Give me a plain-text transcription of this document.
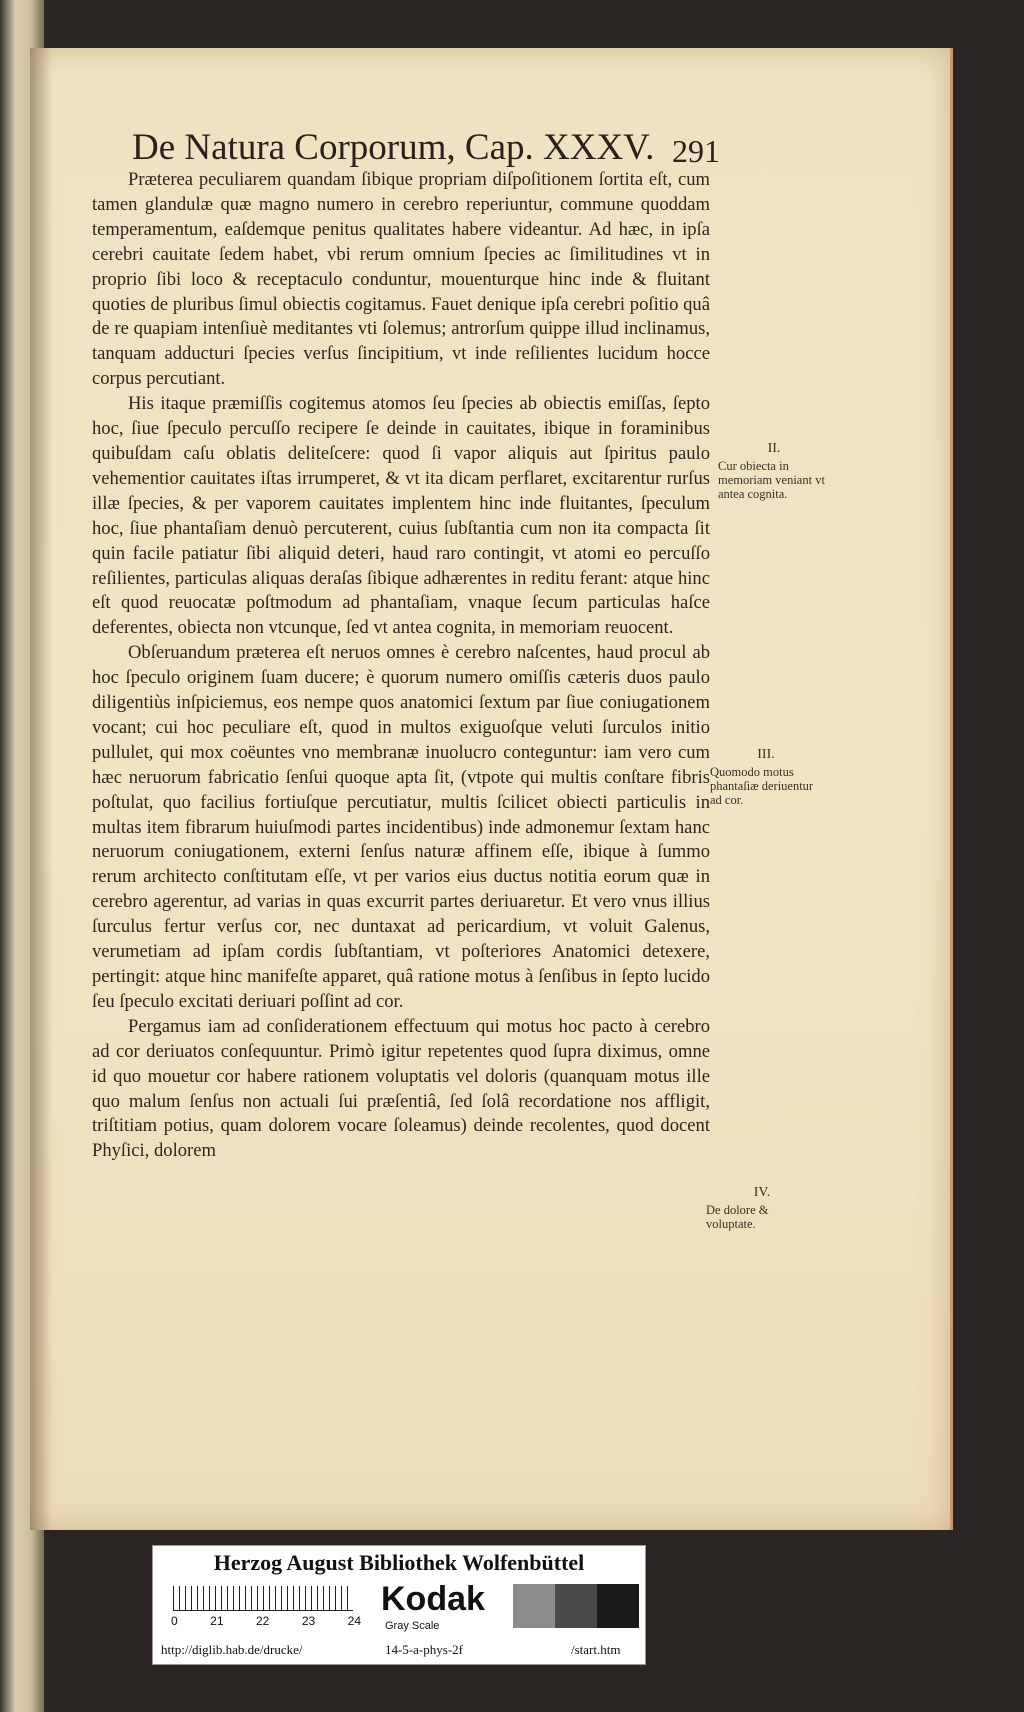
De Natura Corporum, Cap. XXXV. 291

Præterea peculiarem quandam ſibique propriam diſpoſitionem ſortita eſt, cum tamen glandulæ quæ magno numero in cerebro reperiuntur, commune quoddam temperamentum, eaſdemque penitus qualitates habere videantur. Ad hæc, in ipſa cerebri cauitate ſedem habet, vbi rerum omnium ſpecies ac ſimilitudines vt in proprio ſibi loco & receptaculo conduntur, mouenturque hinc inde & fluitant quoties de pluribus ſimul obiectis cogitamus. Fauet denique ipſa cerebri poſitio quâ de re quapiam intenſiuè meditantes vti ſolemus; antrorſum quippe illud inclinamus, tanquam adducturi ſpecies verſus ſincipitium, vt inde reſilientes lucidum hocce corpus percutiant.

His itaque præmiſſis cogitemus atomos ſeu ſpecies ab obiectis emiſſas, ſepto hoc, ſiue ſpeculo percuſſo recipere ſe deinde in cauitates, ibique in foraminibus quibuſdam caſu oblatis deliteſcere: quod ſi vapor aliquis aut ſpiritus paulo vehementior cauitates iſtas irrumperet, & vt ita dicam perflaret, excitarentur rurſus illæ ſpecies, & per vaporem cauitates implentem hinc inde fluitantes, ſpeculum hoc, ſiue phantaſiam denuò percuterent, cuius ſubſtantia cum non ita compacta ſit quin facile patiatur ſibi aliquid deteri, haud raro contingit, vt atomi eo percuſſo reſilientes, particulas aliquas deraſas ſibique adhærentes in reditu ferant: atque hinc eſt quod reuocatæ poſtmodum ad phantaſiam, vnaque ſecum particulas haſce deferentes, obiecta non vtcunque, ſed vt antea cognita, in memoriam reuocent.

Obſeruandum præterea eſt neruos omnes è cerebro naſcentes, haud procul ab hoc ſpeculo originem ſuam ducere; è quorum numero omiſſis cæteris duos paulo diligentiùs inſpiciemus, eos nempe quos anatomici ſextum par ſiue coniugationem vocant; cui hoc peculiare eſt, quod in multos exiguoſque veluti ſurculos initio pullulet, qui mox coëuntes vno membranæ inuolucro conteguntur: iam vero cum hæc neruorum fabricatio ſenſui quoque apta ſit, (vtpote qui multis conſtare fibris poſtulat, quo facilius fortiuſque percutiatur, multis ſcilicet obiecti particulis in multas item fibrarum huiuſmodi partes incidentibus) inde admonemur ſextam hanc neruorum coniugationem, externi ſenſus naturæ affinem eſſe, ibique à ſummo rerum architecto conſtitutam eſſe, vt per varios eius ductus notitia eorum quæ in cerebro agerentur, ad varias in quas excurrit partes deriuaretur. Et vero vnus illius ſurculus fertur verſus cor, nec duntaxat ad pericardium, vt voluit Galenus, verumetiam ad ipſam cordis ſubſtantiam, vt poſteriores Anatomici detexere, pertingit: atque hinc manifeſte apparet, quâ ratione motus à ſenſibus in ſepto lucido ſeu ſpeculo excitati deriuari poſſint ad cor.

Pergamus iam ad conſiderationem effectuum qui motus hoc pacto à cerebro ad cor deriuatos conſequuntur. Primò igitur repetentes quod ſupra diximus, omne id quo mouetur cor habere rationem voluptatis vel doloris (quanquam motus ille quo malum ſenſus non actuali ſui præſentiâ, ſed ſolâ recordatione nos affligit, triſtitiam potius, quam dolorem vocare ſoleamus) deinde recolentes, quod docent Phyſici, dolorem

II.
Cur obiecta in memoriam veniant vt antea cognita.
III.
Quomodo motus phantaſiæ deriuentur ad cor.
IV.
De dolore & voluptate.
Herzog August Bibliothek Wolfenbüttel
0	21	22	23	24
Kodak
Gray Scale
http://diglib.hab.de/drucke/	14-5-a-phys-2f	/start.htm
